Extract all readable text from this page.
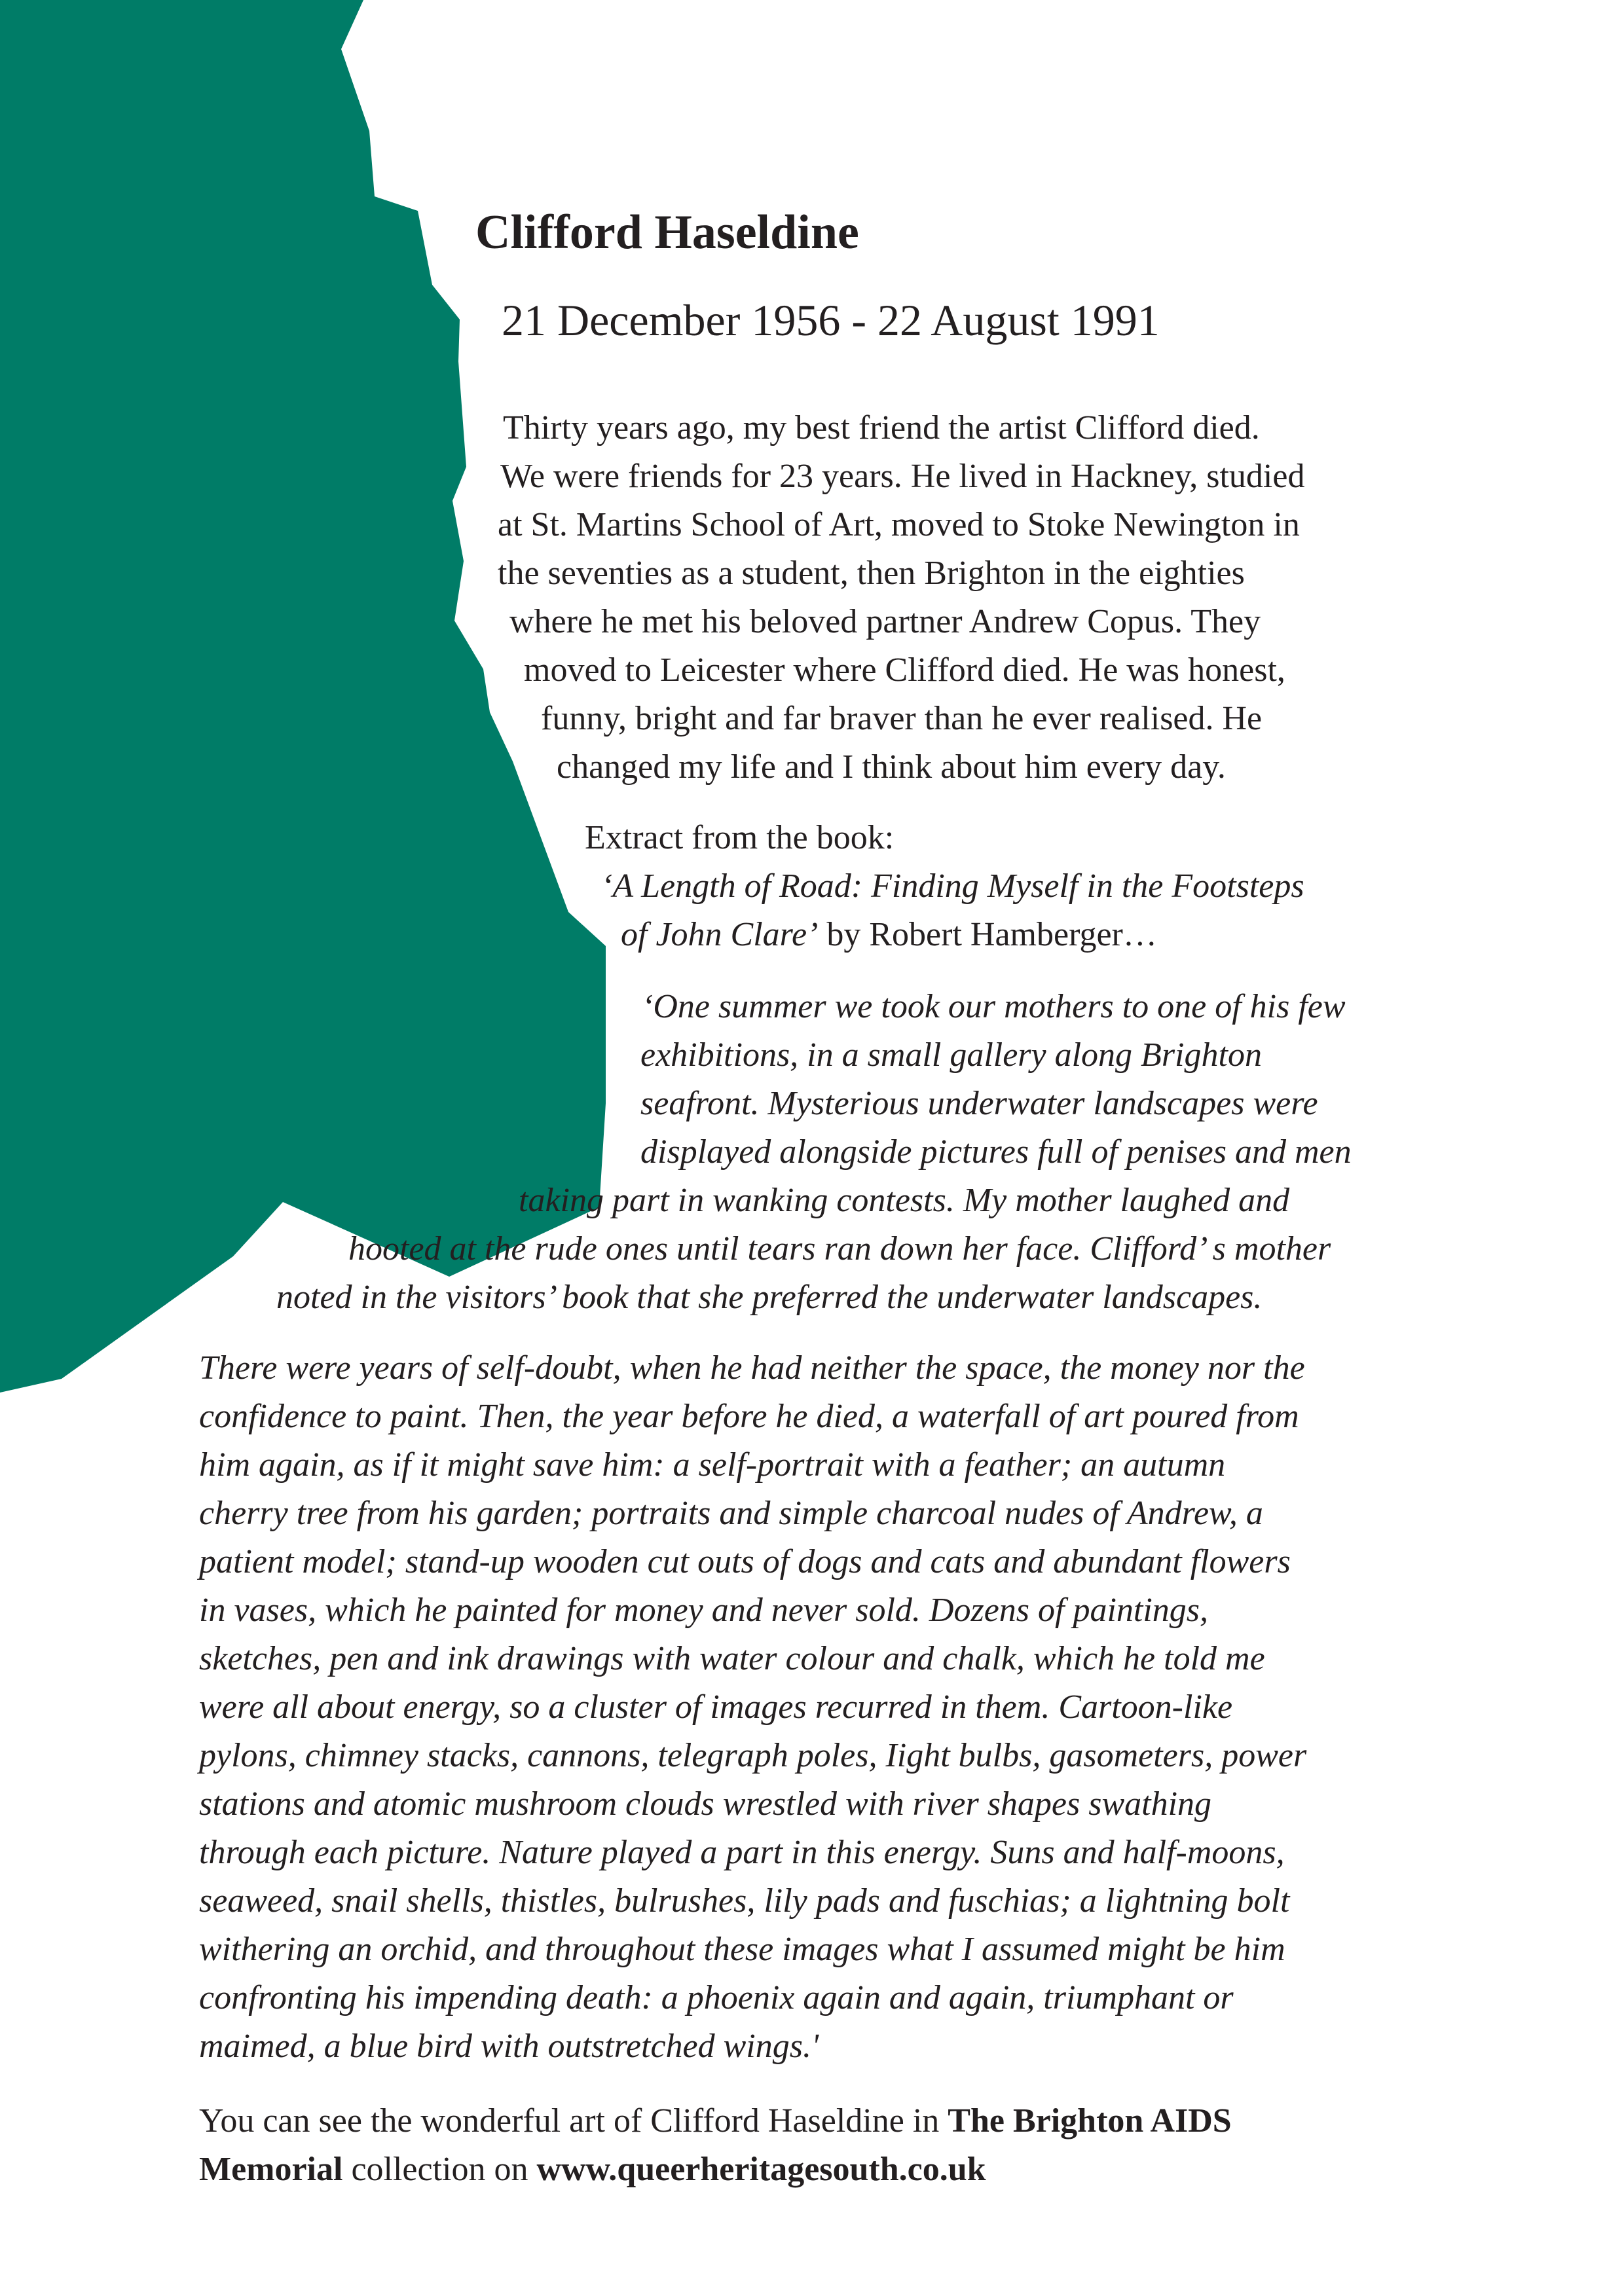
Clifford Haseldine
21 December 1956 - 22 August 1991
Thirty years ago, my best friend the artist Clifford died.
We were friends for 23 years. He lived in Hackney, studied
at St. Martins School of Art, moved to Stoke Newington in
the seventies as a student, then Brighton in the eighties
where he met his beloved partner Andrew Copus. They
moved to Leicester where Clifford died. He was honest,
funny, bright and far braver than he ever realised. He
changed my life and I think about him every day.
Extract from the book:
‘A Length of Road: Finding Myself in the Footsteps
of John Clare’ by Robert Hamberger…
‘One summer we took our mothers to one of his few
exhibitions, in a small gallery along Brighton
seafront. Mysterious underwater landscapes were
displayed alongside pictures full of penises and men
taking part in wanking contests. My mother laughed and
hooted at the rude ones until tears ran down her face. Clifford’ s mother
noted in the visitors’ book that she preferred the underwater landscapes.
There were years of self-doubt, when he had neither the space, the money nor the
confidence to paint. Then, the year before he died, a waterfall of art poured from
him again, as if it might save him: a self-portrait with a feather; an autumn
cherry tree from his garden; portraits and simple charcoal nudes of Andrew, a
patient model; stand-up wooden cut outs of dogs and cats and abundant flowers
in vases, which he painted for money and never sold. Dozens of paintings,
sketches, pen and ink drawings with water colour and chalk, which he told me
were all about energy, so a cluster of images recurred in them. Cartoon-like
pylons, chimney stacks, cannons, telegraph poles, Iight bulbs, gasometers, power
stations and atomic mushroom clouds wrestled with river shapes swathing
through each picture. Nature played a part in this energy. Suns and half-moons,
seaweed, snail shells, thistles, bulrushes, lily pads and fuschias; a lightning bolt
withering an orchid, and throughout these images what I assumed might be him
confronting his impending death: a phoenix again and again, triumphant or
maimed, a blue bird with outstretched wings.'
You can see the wonderful art of Clifford Haseldine in The Brighton AIDS
Memorial collection on www.queerheritagesouth.co.uk
